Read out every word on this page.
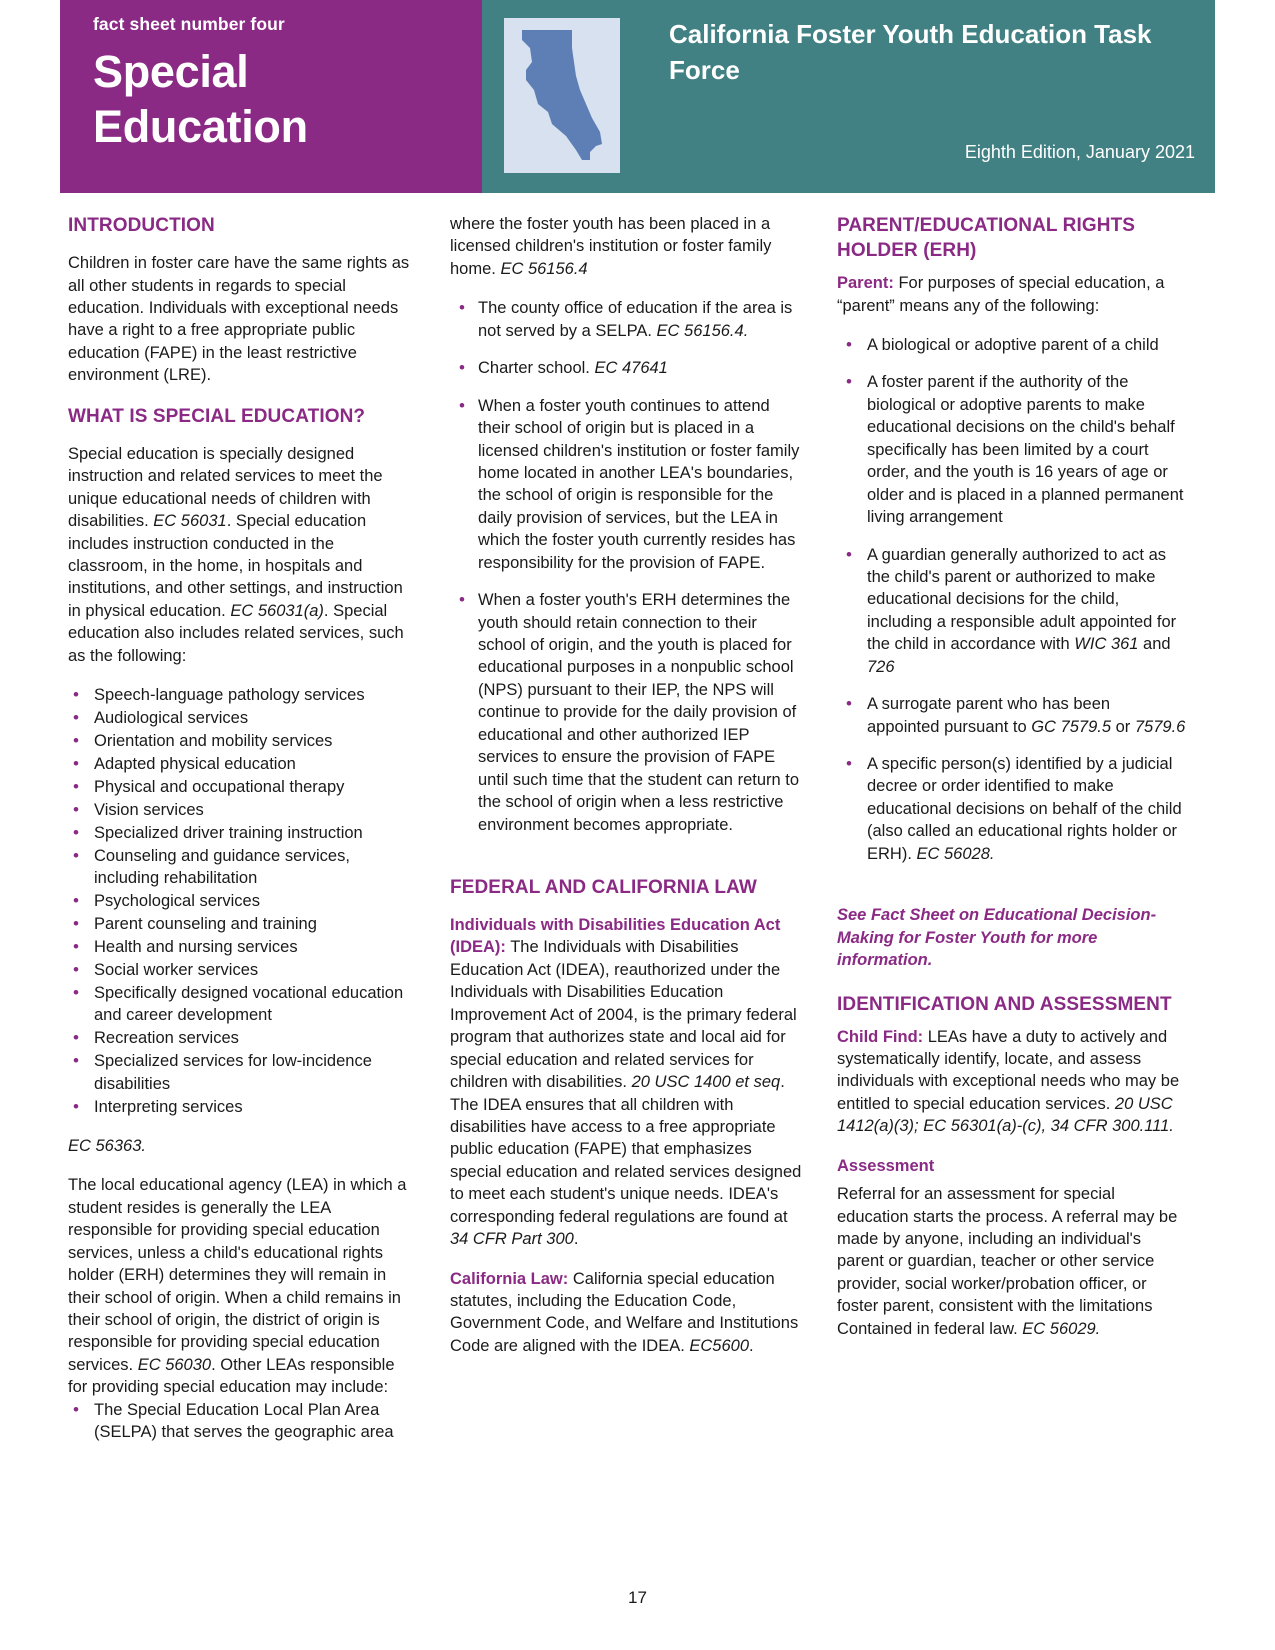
fact sheet number four
Special
Education
California Foster Youth Education Task Force
Eighth Edition, January 2021
INTRODUCTION

Children in foster care have the same rights as all other students in regards to special education. Individuals with exceptional needs have a right to a free appropriate public education (FAPE) in the least restrictive environment (LRE).

WHAT IS SPECIAL EDUCATION?

Special education is specially designed instruction and related services to meet the unique educational needs of children with disabilities. EC 56031. Special education includes instruction conducted in the classroom, in the home, in hospitals and institutions, and other settings, and instruction in physical education. EC 56031(a). Special education also includes related services, such as the following:

• Speech-language pathology services
• Audiological services
• Orientation and mobility services
• Adapted physical education
• Physical and occupational therapy
• Vision services
• Specialized driver training instruction
• Counseling and guidance services, including rehabilitation
• Psychological services
• Parent counseling and training
• Health and nursing services
• Social worker services
• Specifically designed vocational education and career development
• Recreation services
• Specialized services for low-incidence disabilities
• Interpreting services

EC 56363.

The local educational agency (LEA) in which a student resides is generally the LEA responsible for providing special education services, unless a child's educational rights holder (ERH) determines they will remain in their school of origin. When a child remains in their school of origin, the district of origin is responsible for providing special education services. EC 56030. Other LEAs responsible for providing special education may include:

• The Special Education Local Plan Area (SELPA) that serves the geographic area

where the foster youth has been placed in a licensed children's institution or foster family home. EC 56156.4

• The county office of education if the area is not served by a SELPA. EC 56156.4.
• Charter school. EC 47641
• When a foster youth continues to attend their school of origin but is placed in a licensed children's institution or foster family home located in another LEA's boundaries, the school of origin is responsible for the daily provision of services, but the LEA in which the foster youth currently resides has responsibility for the provision of FAPE.
• When a foster youth's ERH determines the youth should retain connection to their school of origin, and the youth is placed for educational purposes in a nonpublic school (NPS) pursuant to their IEP, the NPS will continue to provide for the daily provision of educational and other authorized IEP services to ensure the provision of FAPE until such time that the student can return to the school of origin when a less restrictive environment becomes appropriate.
FEDERAL AND CALIFORNIA LAW

Individuals with Disabilities Education Act (IDEA): The Individuals with Disabilities Education Act (IDEA), reauthorized under the Individuals with Disabilities Education Improvement Act of 2004, is the primary federal program that authorizes state and local aid for special education and related services for children with disabilities. 20 USC 1400 et seq. The IDEA ensures that all children with disabilities have access to a free appropriate public education (FAPE) that emphasizes special education and related services designed to meet each student's unique needs. IDEA's corresponding federal regulations are found at 34 CFR Part 300.

California Law: California special education statutes, including the Education Code, Government Code, and Welfare and Institutions Code are aligned with the IDEA. EC5600.

PARENT/EDUCATIONAL RIGHTS HOLDER (ERH)

Parent: For purposes of special education, a “parent” means any of the following:

• A biological or adoptive parent of a child
• A foster parent if the authority of the biological or adoptive parents to make educational decisions on the child's behalf specifically has been limited by a court order, and the youth is 16 years of age or older and is placed in a planned permanent living arrangement
• A guardian generally authorized to act as the child's parent or authorized to make educational decisions for the child, including a responsible adult appointed for the child in accordance with WIC 361 and 726
• A surrogate parent who has been appointed pursuant to GC 7579.5 or 7579.6
• A specific person(s) identified by a judicial decree or order identified to make educational decisions on behalf of the child (also called an educational rights holder or ERH). EC 56028.
See Fact Sheet on Educational Decision-Making for Foster Youth for more information.
IDENTIFICATION AND ASSESSMENT

Child Find: LEAs have a duty to actively and systematically identify, locate, and assess individuals with exceptional needs who may be entitled to special education services. 20 USC 1412(a)(3); EC 56301(a)-(c), 34 CFR 300.111.

Assessment

Referral for an assessment for special education starts the process. A referral may be made by anyone, including an individual's parent or guardian, teacher or other service provider, social worker/probation officer, or foster parent, consistent with the limitations Contained in federal law. EC 56029.

17
